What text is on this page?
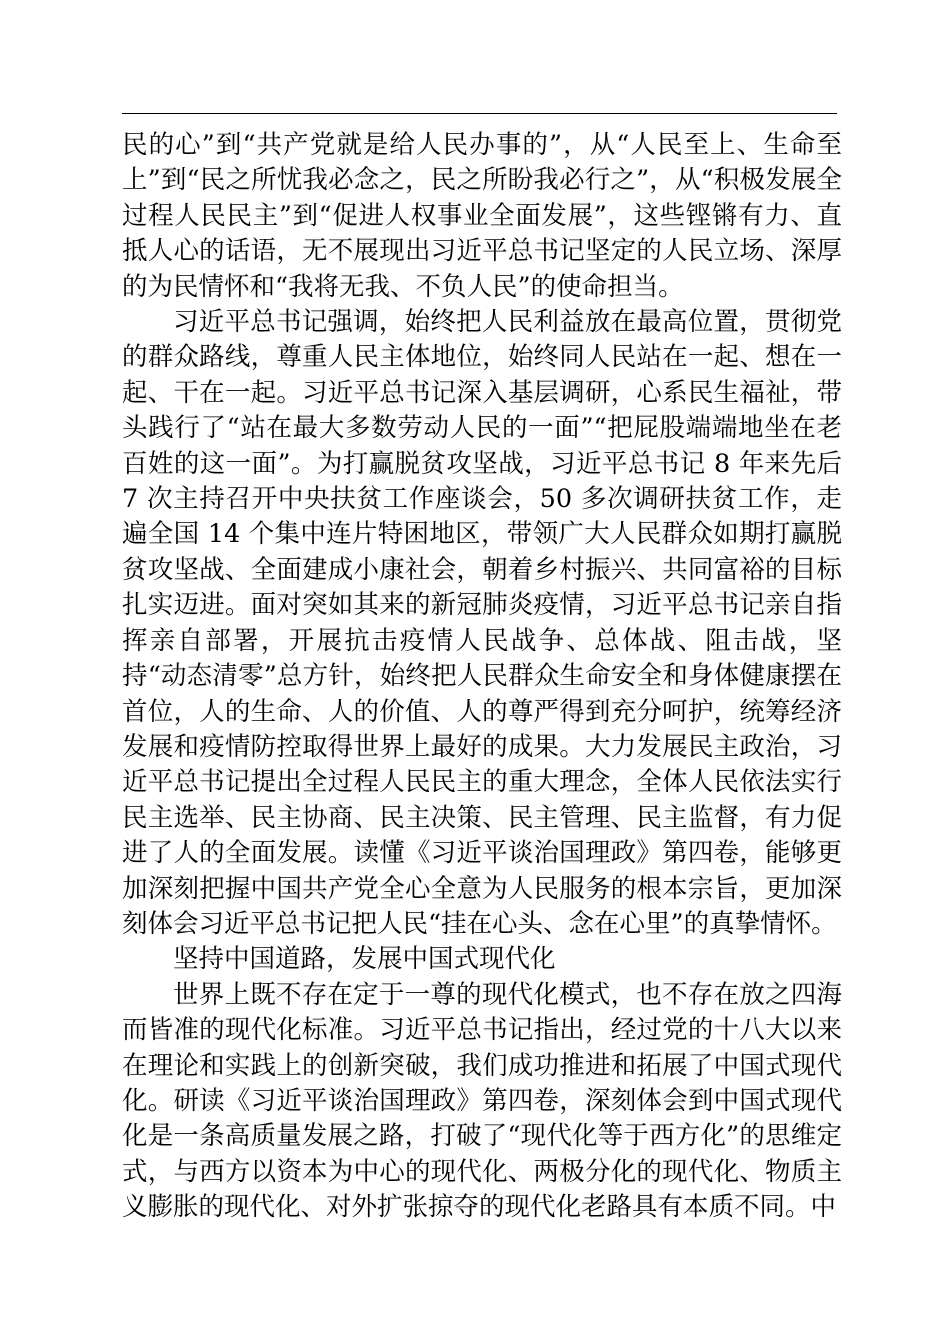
民的心”到“共产党就是给人民办事的”，从“人民至上、生命至上”到“民之所忧我必念之，民之所盼我必行之”，从“积极发展全过程人民民主”到“促进人权事业全面发展”，这些铿锵有力、直抵人心的话语，无不展现出习近平总书记坚定的人民立场、深厚的为民情怀和“我将无我、不负人民”的使命担当。

习近平总书记强调，始终把人民利益放在最高位置，贯彻党的群众路线，尊重人民主体地位，始终同人民站在一起、想在一起、干在一起。习近平总书记深入基层调研，心系民生福祉，带头践行了“站在最大多数劳动人民的一面”“把屁股端端地坐在老百姓的这一面”。为打赢脱贫攻坚战，习近平总书记 8 年来先后 7 次主持召开中央扶贫工作座谈会，50 多次调研扶贫工作，走遍全国 14 个集中连片特困地区，带领广大人民群众如期打赢脱贫攻坚战、全面建成小康社会，朝着乡村振兴、共同富裕的目标扎实迈进。面对突如其来的新冠肺炎疫情，习近平总书记亲自指挥亲自部署，开展抗击疫情人民战争、总体战、阻击战，坚持“动态清零”总方针，始终把人民群众生命安全和身体健康摆在首位，人的生命、人的价值、人的尊严得到充分呵护，统筹经济发展和疫情防控取得世界上最好的成果。大力发展民主政治，习近平总书记提出全过程人民民主的重大理念，全体人民依法实行民主选举、民主协商、民主决策、民主管理、民主监督，有力促进了人的全面发展。读懂《习近平谈治国理政》第四卷，能够更加深刻把握中国共产党全心全意为人民服务的根本宗旨，更加深刻体会习近平总书记把人民“挂在心头、念在心里”的真挚情怀。

坚持中国道路，发展中国式现代化

世界上既不存在定于一尊的现代化模式，也不存在放之四海而皆准的现代化标准。习近平总书记指出，经过党的十八大以来在理论和实践上的创新突破，我们成功推进和拓展了中国式现代化。研读《习近平谈治国理政》第四卷，深刻体会到中国式现代化是一条高质量发展之路，打破了“现代化等于西方化”的思维定式，与西方以资本为中心的现代化、两极分化的现代化、物质主义膨胀的现代化、对外扩张掠夺的现代化老路具有本质不同。中
